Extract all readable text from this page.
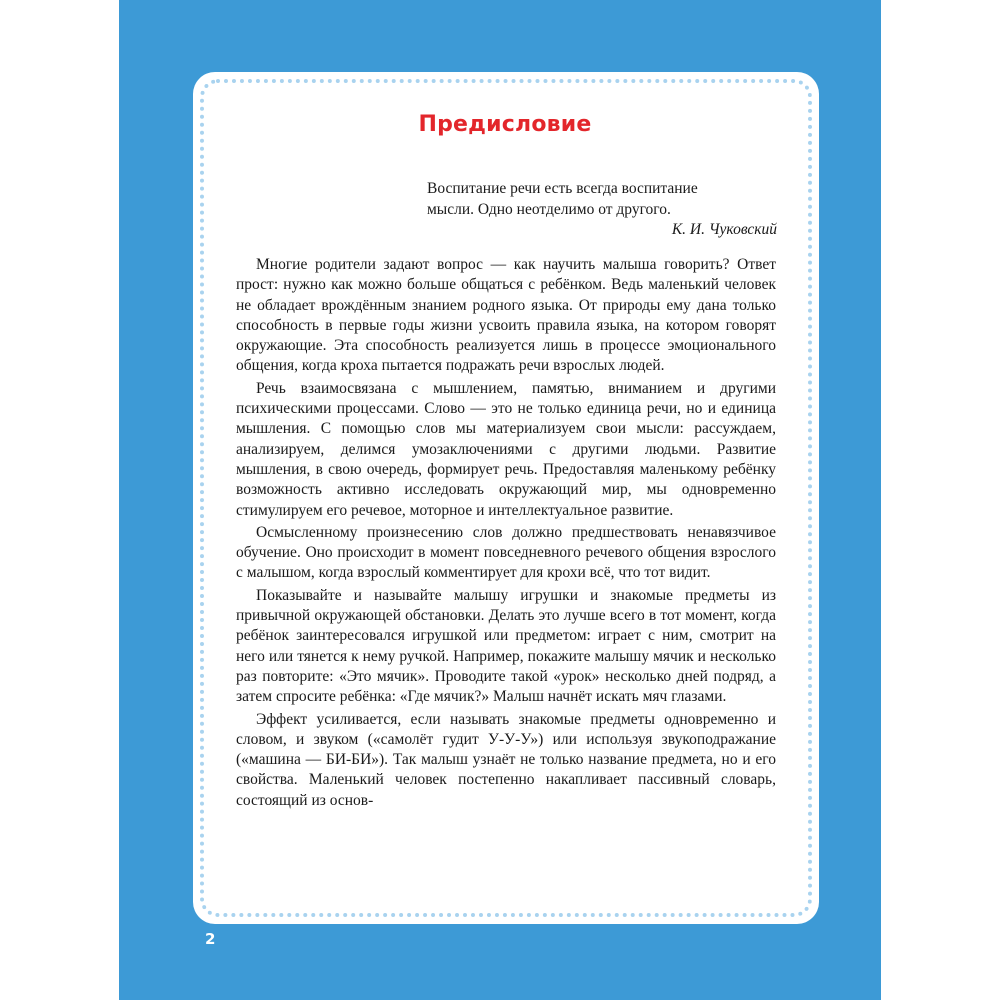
Предисловие

Воспитание речи есть всегда воспитание

мысли. Одно неотделимо от другого.

К. И. Чуковский

Многие родители задают вопрос — как научить малыша говорить? Ответ прост: нужно как можно больше общаться с ребёнком. Ведь маленький человек не обладает врождённым знанием родного языка. От природы ему дана только способность в первые годы жизни усвоить правила языка, на котором говорят окружающие. Эта способность реализуется лишь в процессе эмоционального общения, когда кроха пытается подражать речи взрослых людей.

Речь взаимосвязана с мышлением, памятью, вниманием и другими психическими процессами. Слово — это не только единица речи, но и единица мышления. С помощью слов мы материализуем свои мысли: рассуждаем, анализируем, делимся умозаключениями с другими людьми. Развитие мышления, в свою очередь, формирует речь. Предоставляя маленькому ребёнку возможность активно исследовать окружающий мир, мы одновременно стимулируем его речевое, моторное и интеллектуальное развитие.

Осмысленному произнесению слов должно предшествовать ненавязчивое обучение. Оно происходит в момент повседневного речевого общения взрослого с малышом, когда взрослый комментирует для крохи всё, что тот видит.

Показывайте и называйте малышу игрушки и знакомые предметы из привычной окружающей обстановки. Делать это лучше всего в тот момент, когда ребёнок заинтересовался игрушкой или предметом: играет с ним, смотрит на него или тянется к нему ручкой. Например, покажите малышу мячик и несколько раз повторите: «Это мячик». Проводите такой «урок» несколько дней подряд, а затем спросите ребёнка: «Где мячик?» Малыш начнёт искать мяч глазами.

Эффект усиливается, если называть знакомые предметы одновременно и словом, и звуком («самолёт гудит У-У-У») или используя звукоподражание («машина — БИ-БИ»). Так малыш узнаёт не только название предмета, но и его свойства. Маленький человек постепенно накапливает пассивный словарь, состоящий из основ-

2
